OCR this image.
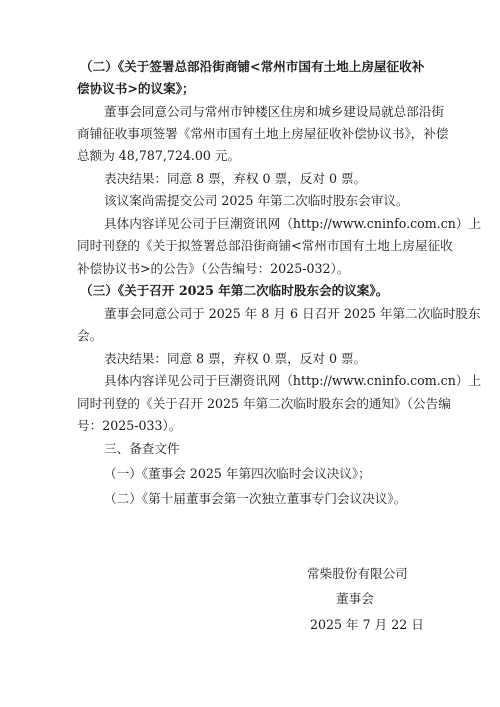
（二）《关于签署总部沿街商铺<常州市国有土地上房屋征收补
偿协议书>的议案》；
董事会同意公司与常州市钟楼区住房和城乡建设局就总部沿街
商铺征收事项签署《常州市国有土地上房屋征收补偿协议书》，补偿
总额为 48,787,724.00 元。
表决结果：同意 8 票，弃权 0 票，反对 0 票。
该议案尚需提交公司 2025 年第二次临时股东会审议。
具体内容详见公司于巨潮资讯网（http://www.cninfo.com.cn）上
同时刊登的《关于拟签署总部沿街商铺<常州市国有土地上房屋征收
补偿协议书>的公告》（公告编号：2025-032）。
（三）《关于召开 2025 年第二次临时股东会的议案》。
董事会同意公司于 2025 年 8 月 6 日召开 2025 年第二次临时股东
会。
表决结果：同意 8 票，弃权 0 票，反对 0 票。
具体内容详见公司于巨潮资讯网（http://www.cninfo.com.cn）上
同时刊登的《关于召开 2025 年第二次临时股东会的通知》（公告编
号：2025-033）。
三、备查文件
（一）《董事会 2025 年第四次临时会议决议》；
（二）《第十届董事会第一次独立董事专门会议决议》。
常柴股份有限公司
董事会
2025 年 7 月 22 日
